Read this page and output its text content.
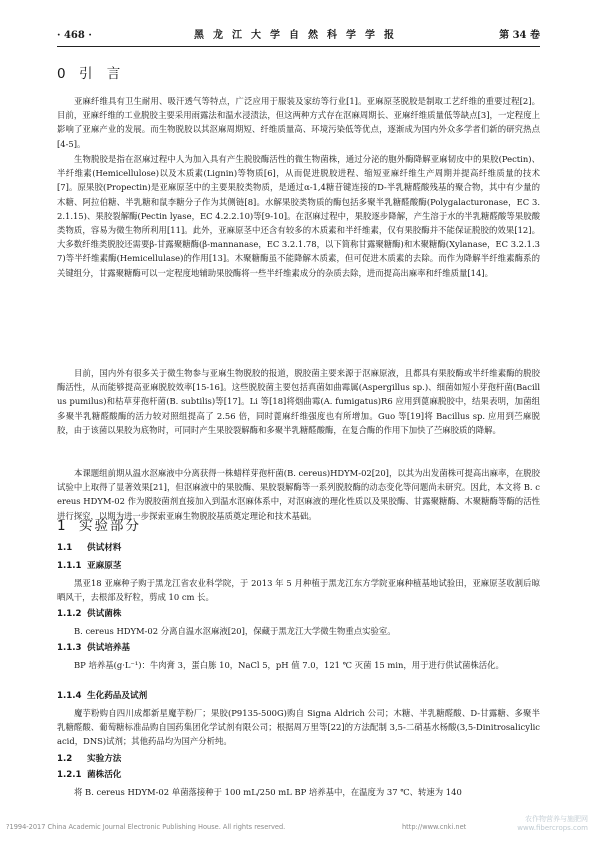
黑龙江大学自然科学学报
· 468 ·	第 34 卷
0 引 言

亚麻纤维具有卫生耐用、吸汗透气等特点，广泛应用于服装及家纺等行业[1]。亚麻原茎脱胶是制取工艺纤维的重要过程[2]。目前，亚麻纤维的工业脱胶主要采用雨露法和温水浸渍法，但这两种方式存在沤麻周期长、亚麻纤维质量低等缺点[3]，一定程度上影响了亚麻产业的发展。而生物脱胶以其沤麻周期短、纤维质量高、环境污染低等优点，逐渐成为国内外众多学者们新的研究热点[4-5]。

生物脱胶是指在沤麻过程中人为加入具有产生脱胶酶活性的微生物菌株，通过分泌的胞外酶降解亚麻韧皮中的果胶(Pectin)、半纤维素(Hemicellulose)以及木质素(Lignin)等物质[6]，从而促进脱胶进程、缩短亚麻纤维生产周期并提高纤维质量的技术[7]。原果胶(Propectin)是亚麻原茎中的主要果胶类物质，是通过α-1,4糖苷键连接的D-半乳糖醛酸残基的聚合物，其中有少量的木糖、阿拉伯糖、半乳糖和鼠李糖分子作为其侧链[8]。水解果胶类物质的酶包括多聚半乳糖醛酸酶(Polygalacturonase，EC 3.2.1.15)、果胶裂解酶(Pectin lyase，EC 4.2.2.10)等[9-10]。在沤麻过程中，果胶逐步降解，产生溶于水的半乳糖醛酸等果胶酸类物质，容易为微生物所利用[11]。此外，亚麻原茎中还含有较多的木质素和半纤维素，仅有果胶酶并不能保证脱胶的效果[12]。大多数纤维类脱胶还需要β-甘露聚糖酶(β-mannanase，EC 3.2.1.78，以下简称甘露聚糖酶)和木聚糖酶(Xylanase，EC 3.2.1.37)等半纤维素酶(Hemicellulase)的作用[13]。木聚糖酶虽不能降解木质素，但可促进木质素的去除。而作为降解半纤维素酶系的关键组分，甘露聚糖酶可以一定程度地辅助果胶酶将一些半纤维素成分的杂质去除，进而提高出麻率和纤维质量[14]。

目前，国内外有很多关于微生物参与亚麻生物脱胶的报道，脱胶菌主要来源于沤麻原液，且都具有果胶酶或半纤维素酶的脱胶酶活性，从而能够提高亚麻脱胶效率[15-16]。这些脱胶菌主要包括真菌如曲霉属(Aspergillus sp.)、细菌如短小芽孢杆菌(Bacillus pumilus)和枯草芽孢杆菌(B. subtilis)等[17]。Li 等[18]将烟曲霉(A. fumigatus)R6 应用到蓖麻脱胶中，结果表明，加菌组多聚半乳糖醛酸酶的活力较对照组提高了 2.56 倍，同时蓖麻纤维强度也有所增加。Guo 等[19]将 Bacillus sp. 应用到苎麻脱胶，由于该菌以果胶为底物时，可同时产生果胶裂解酶和多聚半乳糖醛酸酶，在复合酶的作用下加快了苎麻胶质的降解。

本课题组前期从温水沤麻液中分离获得一株蜡样芽孢杆菌(B. cereus)HDYM-02[20]，以其为出发菌株可提高出麻率，在脱胶试验中上取得了显著效果[21]，但沤麻液中的果胶酶、果胶裂解酶等一系列脱胶酶的动态变化等问题尚未研究。因此，本文将 B. cereus HDYM-02 作为脱胶菌剂直接加入到温水沤麻体系中，对沤麻液的理化性质以及果胶酶、甘露聚糖酶、木聚糖酶等酶的活性进行探究，以期为进一步探索亚麻生物脱胶基质奠定理论和技术基础。

1 实验部分
1.1 供试材料
1.1.1 亚麻原茎

黑亚18 亚麻种子购于黑龙江省农业科学院，于 2013 年 5 月种植于黑龙江东方学院亚麻种植基地试验田，亚麻原茎收割后晾晒风干，去根部及籽粒，剪成 10 cm 长。

1.1.2 供试菌株

B. cereus HDYM-02 分离自温水沤麻液[20]，保藏于黑龙江大学微生物重点实验室。

1.1.3 供试培养基

BP 培养基(g·L⁻¹)：牛肉膏 3，蛋白胨 10，NaCl 5，pH 值 7.0，121 ℃ 灭菌 15 min，用于进行供试菌株活化。

1.1.4 生化药品及试剂

魔芋粉购自四川成都新星魔芋粉厂；果胶(P9135-500G)购自 Signa Aldrich 公司；木糖、半乳糖醛酸、D-甘露糖、多聚半乳糖醛酸、葡萄糖标准品购自国药集团化学试剂有限公司；根据周万里等[22]的方法配制 3,5-二硝基水杨酸(3,5-Dinitrosalicylic acid，DNS)试剂；其他药品均为国产分析纯。

1.2 实验方法
1.2.1 菌株活化

将 B. cereus HDYM-02 单菌落接种于 100 mL/250 mL BP 培养基中，在温度为 37 ℃、转速为 140

?1994-2017 China Academic Journal Electronic Publishing House. All rights reserved.	http://www.cnki.net
农作物营养与施肥网
www.fibercrops.com
